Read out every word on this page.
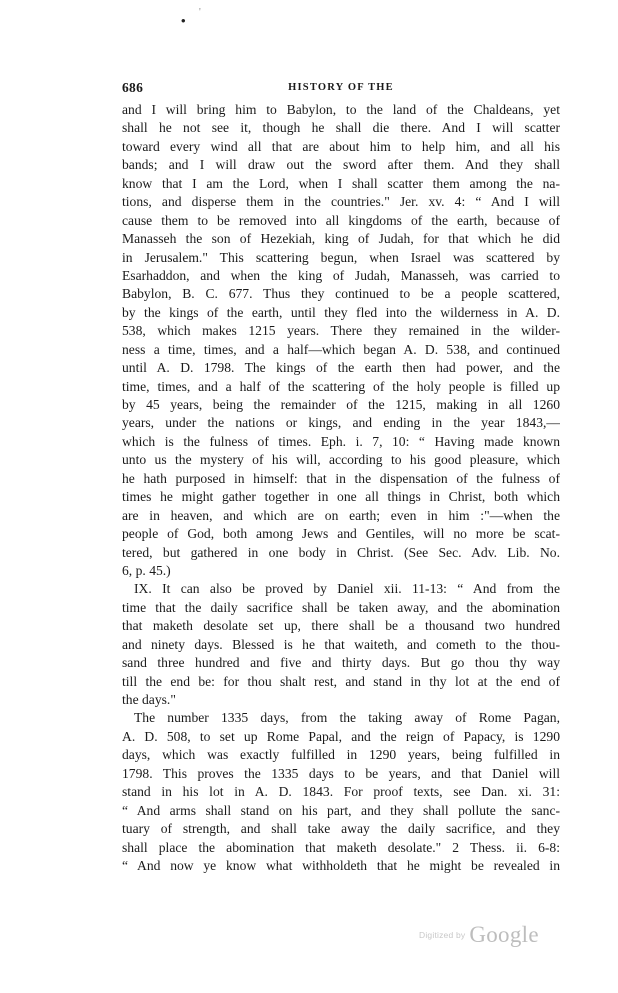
•
'
686	HISTORY OF THE
and I will bring him to Babylon, to the land of the Chaldeans, yet
shall he not see it, though he shall die there. And I will scatter
toward every wind all that are about him to help him, and all his
bands; and I will draw out the sword after them. And they shall
know that I am the Lord, when I shall scatter them among the na-
tions, and disperse them in the countries." Jer. xv. 4: “ And I will
cause them to be removed into all kingdoms of the earth, because of
Manasseh the son of Hezekiah, king of Judah, for that which he did
in Jerusalem." This scattering begun, when Israel was scattered by
Esarhaddon, and when the king of Judah, Manasseh, was carried to
Babylon, B. C. 677. Thus they continued to be a people scattered,
by the kings of the earth, until they fled into the wilderness in A. D.
538, which makes 1215 years. There they remained in the wilder-
ness a time, times, and a half—which began A. D. 538, and continued
until A. D. 1798. The kings of the earth then had power, and the
time, times, and a half of the scattering of the holy people is filled up
by 45 years, being the remainder of the 1215, making in all 1260
years, under the nations or kings, and ending in the year 1843,—
which is the fulness of times. Eph. i. 7, 10: “ Having made known
unto us the mystery of his will, according to his good pleasure, which
he hath purposed in himself: that in the dispensation of the fulness of
times he might gather together in one all things in Christ, both which
are in heaven, and which are on earth; even in him :"—when the
people of God, both among Jews and Gentiles, will no more be scat-
tered, but gathered in one body in Christ. (See Sec. Adv. Lib. No.
6, p. 45.)
IX. It can also be proved by Daniel xii. 11-13: “ And from the
time that the daily sacrifice shall be taken away, and the abomination
that maketh desolate set up, there shall be a thousand two hundred
and ninety days. Blessed is he that waiteth, and cometh to the thou-
sand three hundred and five and thirty days. But go thou thy way
till the end be: for thou shalt rest, and stand in thy lot at the end of
the days."
The number 1335 days, from the taking away of Rome Pagan,
A. D. 508, to set up Rome Papal, and the reign of Papacy, is 1290
days, which was exactly fulfilled in 1290 years, being fulfilled in
1798. This proves the 1335 days to be years, and that Daniel will
stand in his lot in A. D. 1843. For proof texts, see Dan. xi. 31:
“ And arms shall stand on his part, and they shall pollute the sanc-
tuary of strength, and shall take away the daily sacrifice, and they
shall place the abomination that maketh desolate." 2 Thess. ii. 6-8:
“ And now ye know what withholdeth that he might be revealed in
Digitized by Google
